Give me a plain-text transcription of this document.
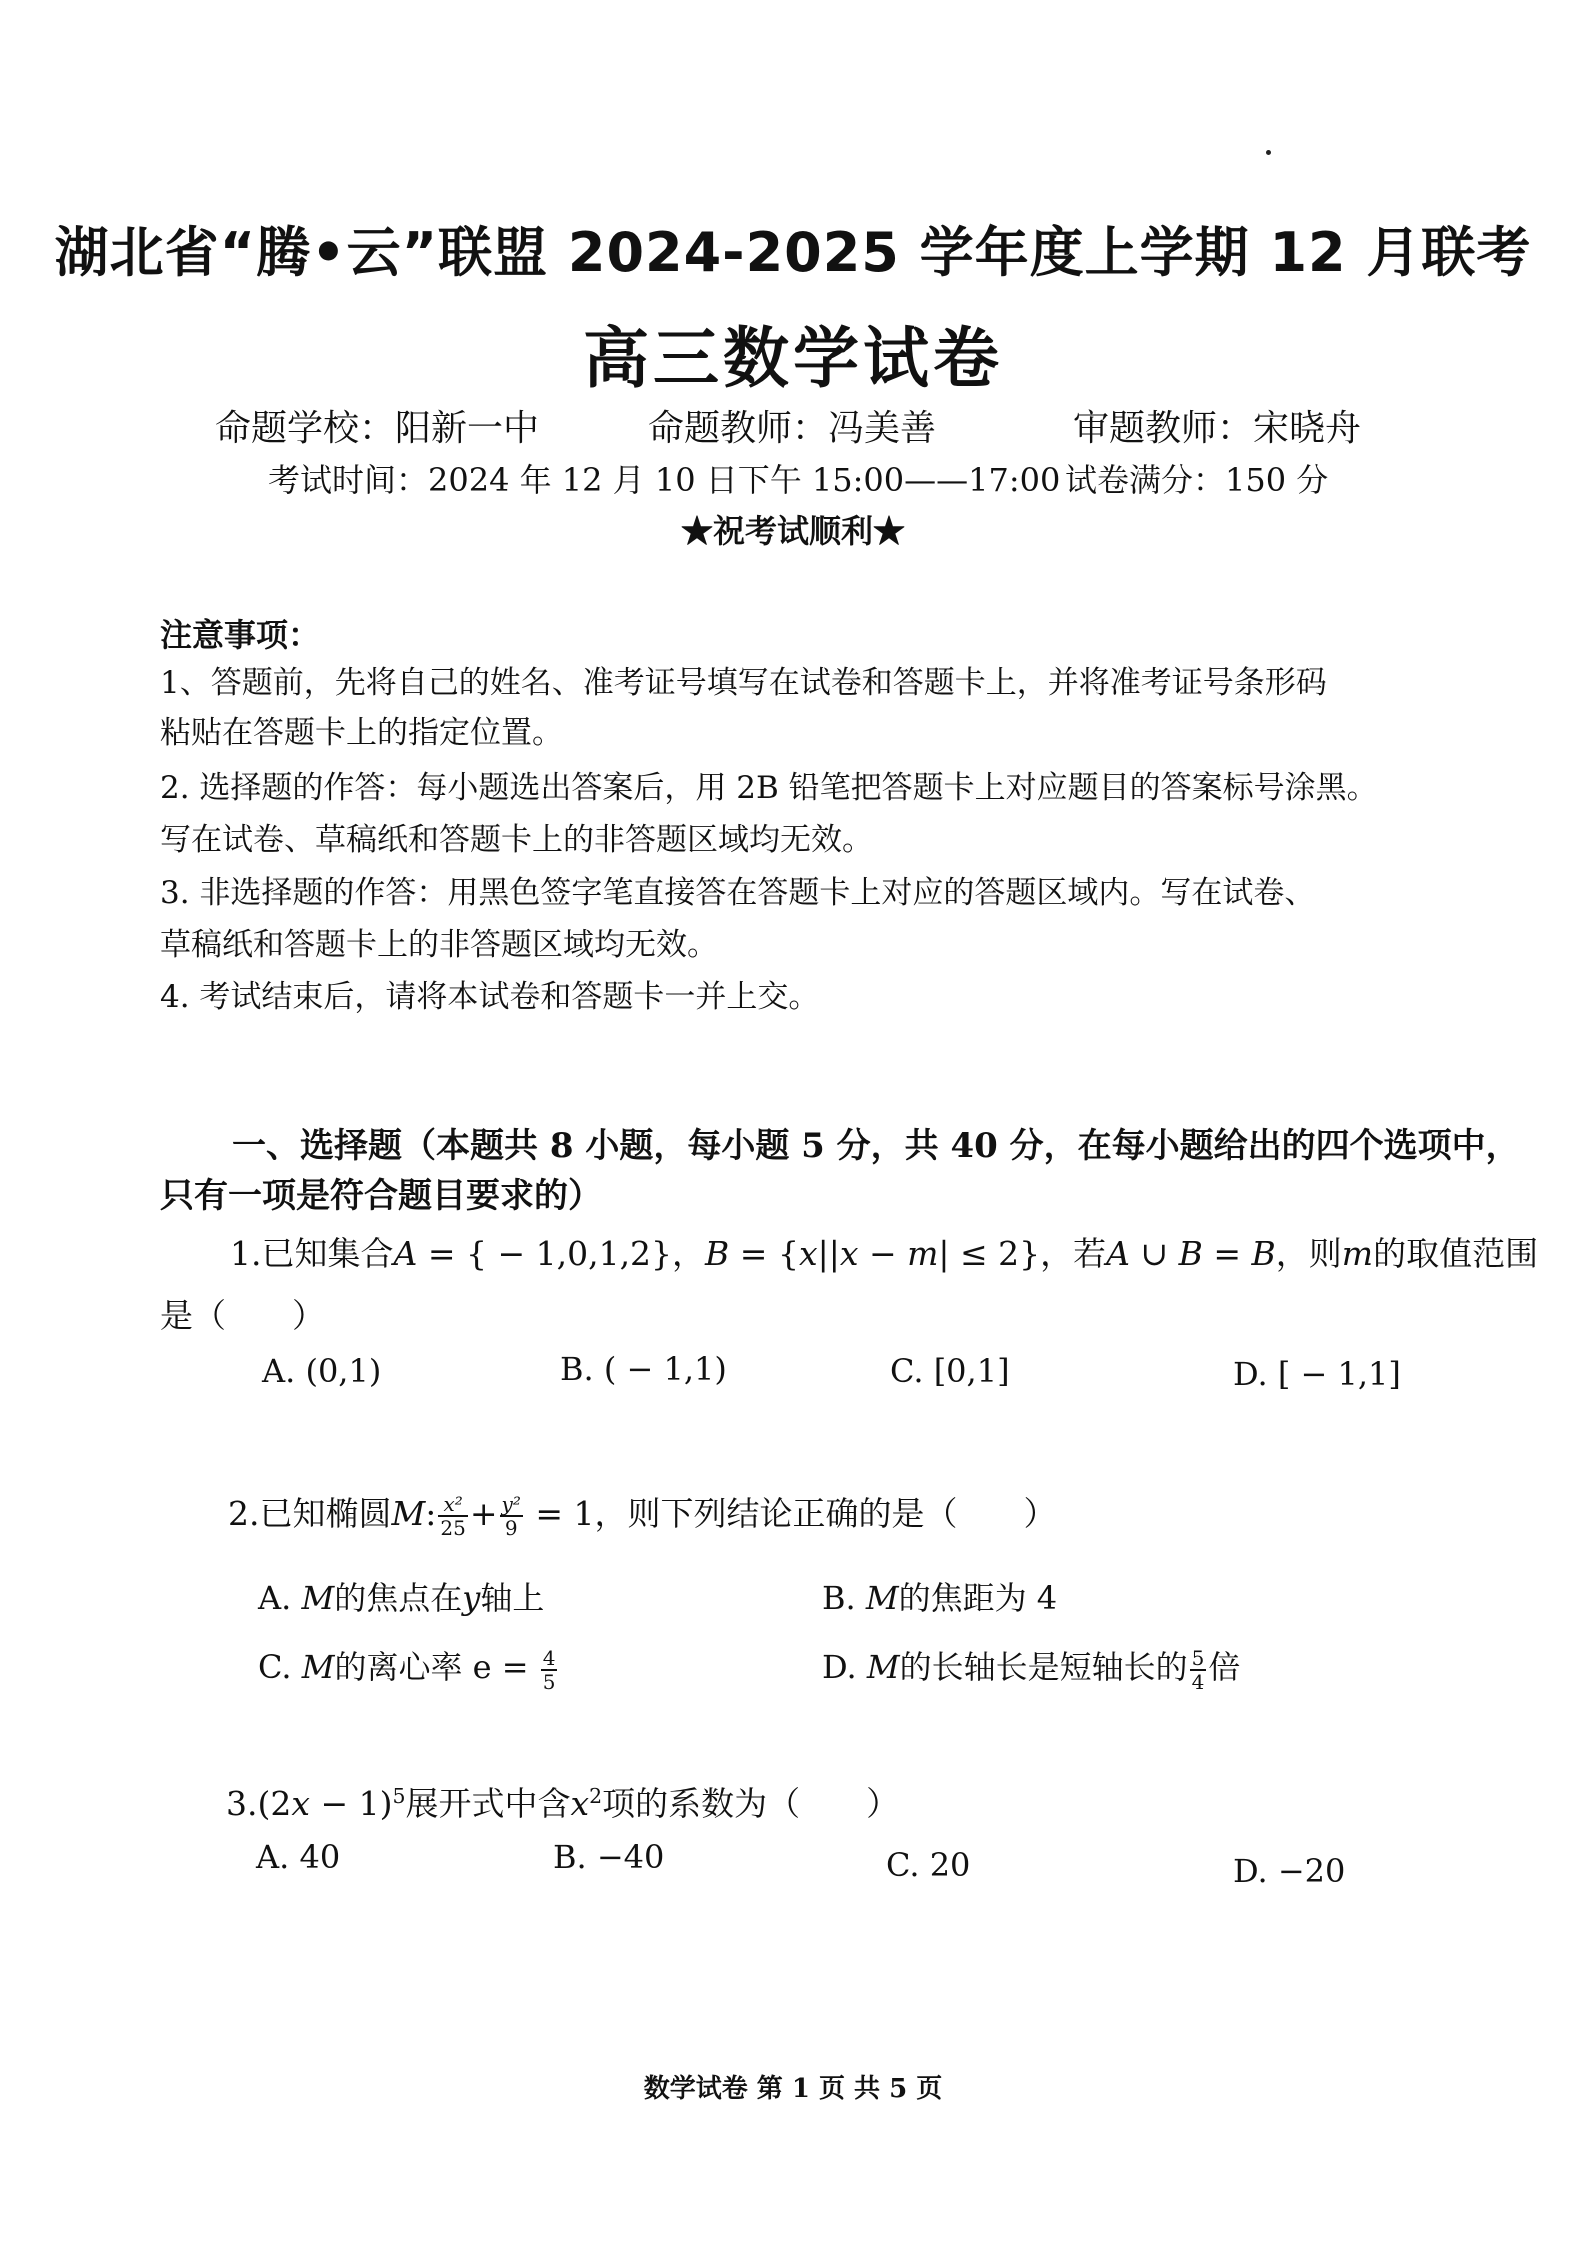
湖北省“腾•云”联盟 2024-2025 学年度上学期 12 月联考
高三数学试卷
命题学校：阳新一中	命题教师：冯美善	审题教师：宋晓舟
考试时间：2024 年 12 月 10 日下午 15:00——17:00 试卷满分：150 分
★祝考试顺利★
注意事项：
1、答题前，先将自己的姓名、准考证号填写在试卷和答题卡上，并将准考证号条形码
粘贴在答题卡上的指定位置。
2. 选择题的作答：每小题选出答案后，用 2B 铅笔把答题卡上对应题目的答案标号涂黑。
写在试卷、草稿纸和答题卡上的非答题区域均无效。
3. 非选择题的作答：用黑色签字笔直接答在答题卡上对应的答题区域内。写在试卷、
草稿纸和答题卡上的非答题区域均无效。
4. 考试结束后，请将本试卷和答题卡一并上交。
一、选择题（本题共 8 小题，每小题 5 分，共 40 分，在每小题给出的四个选项中，
只有一项是符合题目要求的）
1.已知集合A = { − 1,0,1,2}，B = {x||x − m| ≤ 2}，若A ∪ B = B，则m的取值范围
是（　　）
A. (0,1)	B. ( − 1,1)	C. [0,1]	D. [ − 1,1]
2.已知椭圆M: $\frac{\text{x²}}{25} + \frac{\text{y²}}{9} = 1$，则下列结论正确的是（　　）
A. M的焦点在y轴上	B. M的焦距为 4
C. M的离心率 $e = \frac{4}{5}$	D. M的长轴长是短轴长的 $\frac{5}{4}$ 倍
$3.(2x - 1)^5$展开式中含$x^2$项的系数为（　　）
A. 40	B. −40	C. 20	D. −20
数学试卷 第 1 页 共 5 页
